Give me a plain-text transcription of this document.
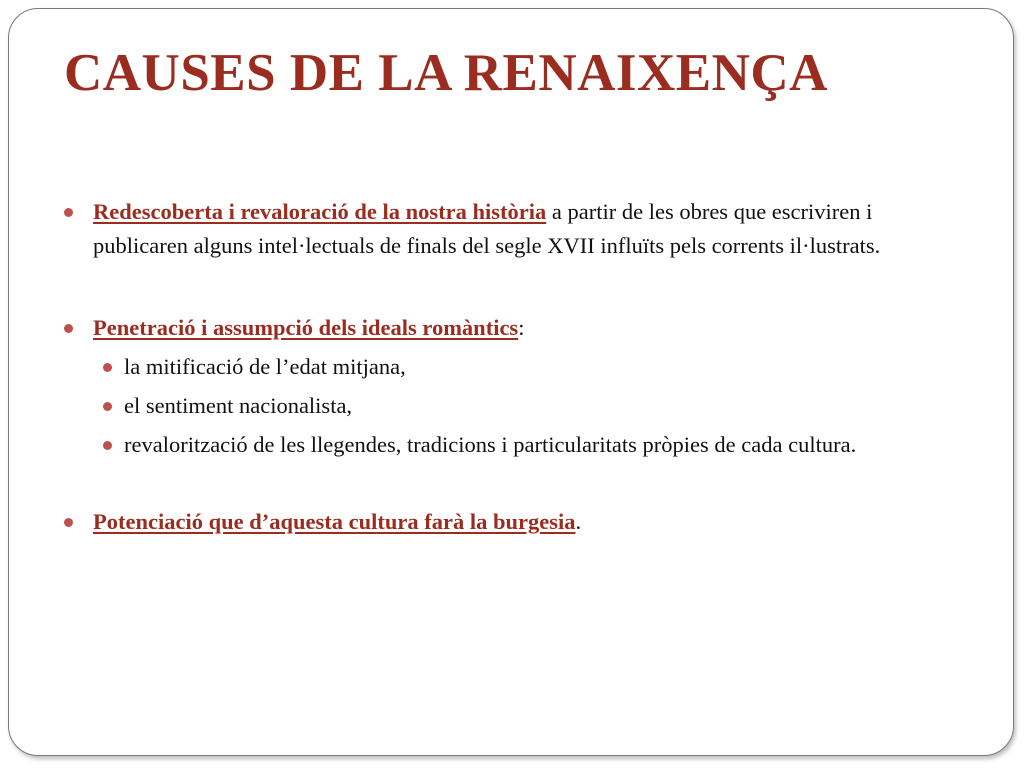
CAUSES DE LA RENAIXENÇA
Redescoberta i revaloració de la nostra història a partir de les obres que escriviren i publicaren alguns intel·lectuals de finals del segle XVII influïts pels corrents il·lustrats.
Penetració i assumpció dels ideals romàntics:
la mitificació de l’edat mitjana,
el sentiment nacionalista,
revalorització de les llegendes, tradicions i particularitats pròpies de cada cultura.
Potenciació que d’aquesta cultura farà la burgesia.
